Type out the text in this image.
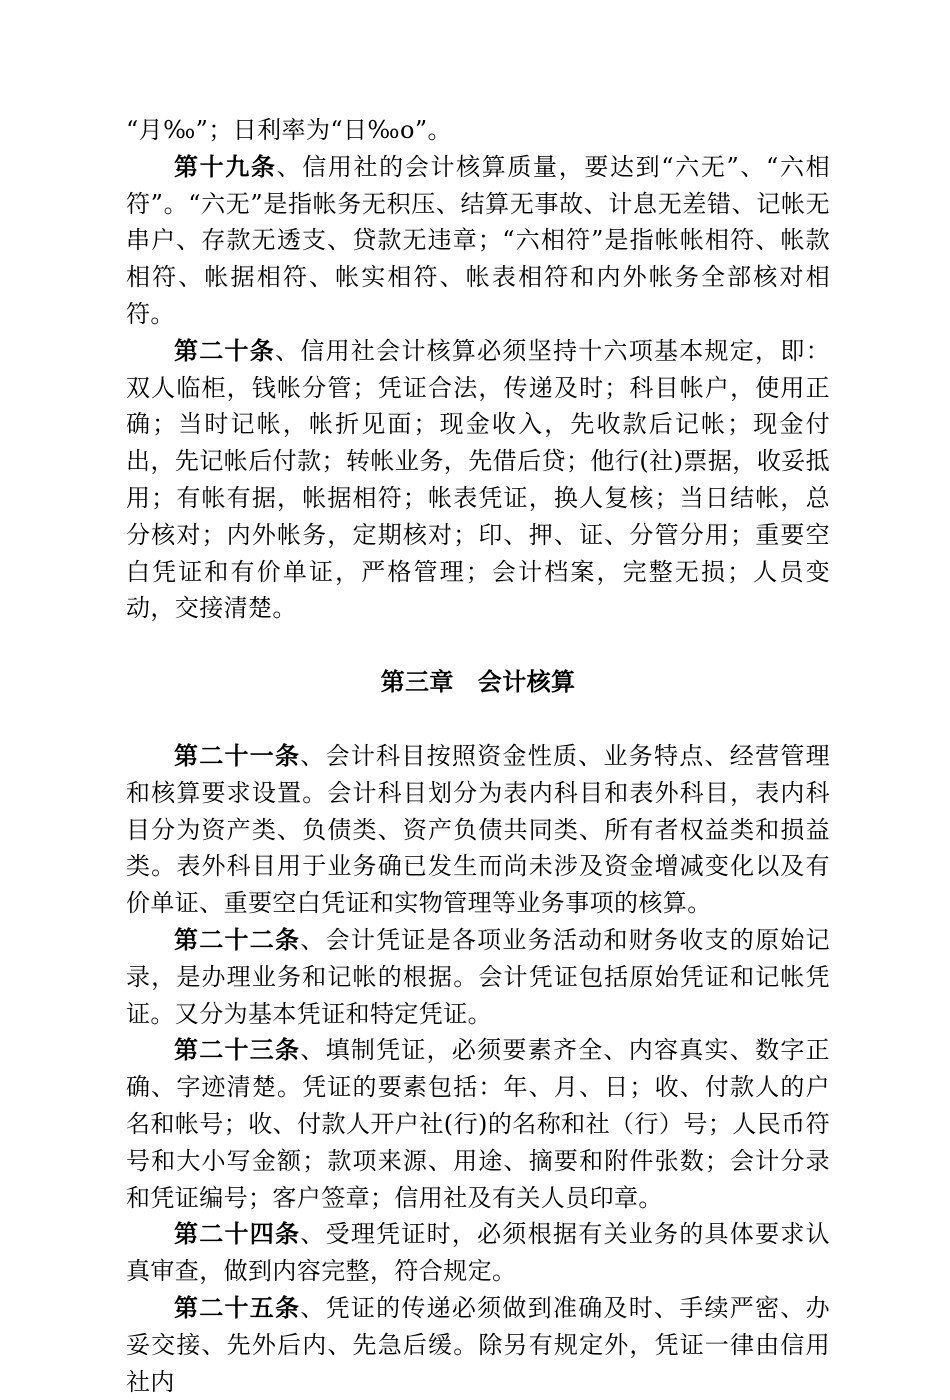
“月‰”；日利率为“日‰o”。

第十九条、信用社的会计核算质量，要达到“六无”、“六相符”。“六无”是指帐务无积压、结算无事故、计息无差错、记帐无串户、存款无透支、贷款无违章；“六相符”是指帐帐相符、帐款相符、帐据相符、帐实相符、帐表相符和内外帐务全部核对相符。

第二十条、信用社会计核算必须坚持十六项基本规定，即：双人临柜，钱帐分管；凭证合法，传递及时；科目帐户，使用正确；当时记帐，帐折见面；现金收入，先收款后记帐；现金付出，先记帐后付款；转帐业务，先借后贷；他行(社)票据，收妥抵用；有帐有据，帐据相符；帐表凭证，换人复核；当日结帐，总分核对；内外帐务，定期核对；印、押、证、分管分用；重要空白凭证和有价单证，严格管理；会计档案，完整无损；人员变动，交接清楚。

第三章 会计核算

第二十一条、会计科目按照资金性质、业务特点、经营管理和核算要求设置。会计科目划分为表内科目和表外科目，表内科目分为资产类、负债类、资产负债共同类、所有者权益类和损益类。表外科目用于业务确已发生而尚未涉及资金增减变化以及有价单证、重要空白凭证和实物管理等业务事项的核算。

第二十二条、会计凭证是各项业务活动和财务收支的原始记录，是办理业务和记帐的根据。会计凭证包括原始凭证和记帐凭证。又分为基本凭证和特定凭证。

第二十三条、填制凭证，必须要素齐全、内容真实、数字正确、字迹清楚。凭证的要素包括：年、月、日；收、付款人的户名和帐号；收、付款人开户社(行)的名称和社（行）号；人民币符号和大小写金额；款项来源、用途、摘要和附件张数；会计分录和凭证编号；客户签章；信用社及有关人员印章。

第二十四条、受理凭证时，必须根据有关业务的具体要求认真审查，做到内容完整，符合规定。

第二十五条、凭证的传递必须做到准确及时、手续严密、办妥交接、先外后内、先急后缓。除另有规定外，凭证一律由信用社内
